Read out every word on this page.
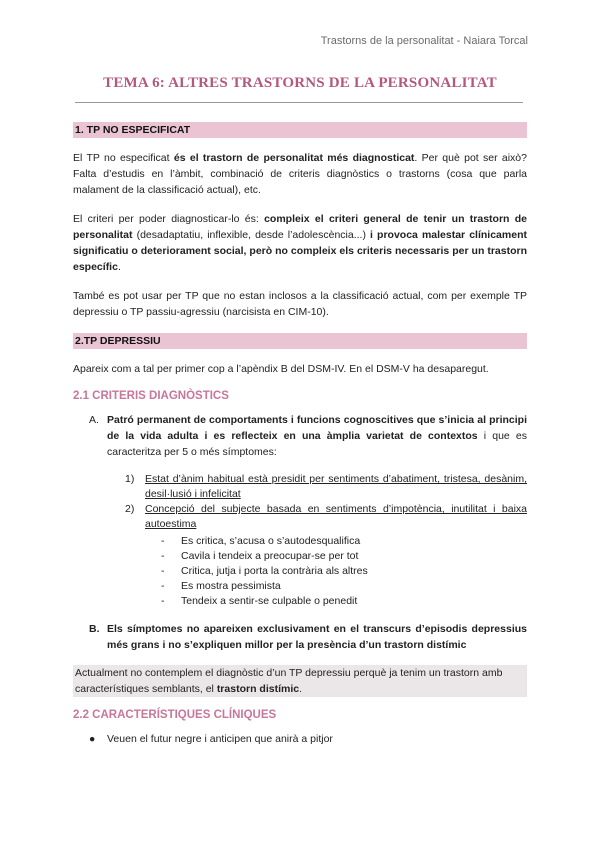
Trastorns de la personalitat - Naiara Torcal
TEMA 6: ALTRES TRASTORNS DE LA PERSONALITAT
1. TP NO ESPECIFICAT

El TP no especificat és el trastorn de personalitat més diagnosticat. Per què pot ser això? Falta d’estudis en l’àmbit, combinació de criteris diagnòstics o trastorns (cosa que parla malament de la classificació actual), etc.

El criteri per poder diagnosticar-lo és: compleix el criteri general de tenir un trastorn de personalitat (desadaptatiu, inflexible, desde l’adolescència...) i provoca malestar clínicament significatiu o deteriorament social, però no compleix els criteris necessaris per un trastorn específic.

També es pot usar per TP que no estan inclosos a la classificació actual, com per exemple TP depressiu o TP passiu-agressiu (narcisista en CIM-10).

2.TP DEPRESSIU

Apareix com a tal per primer cop a l’apèndix B del DSM-IV. En el DSM-V ha desaparegut.

2.1 CRITERIS DIAGNÒSTICS
A. Patró permanent de comportaments i funcions cognoscitives que s’inicia al principi de la vida adulta i es reflecteix en una àmplia varietat de contextos i que es caracteritza per 5 o més símptomes:
1)	Estat d’ànim habitual està presidit per sentiments d’abatiment, tristesa, desànim, desil·lusió i infelicitat
2)	Concepció del subjecte basada en sentiments d’impotència, inutilitat i baixa autoestima
-	Es critica, s’acusa o s’autodesqualifica
-	Cavila i tendeix a preocupar-se per tot
-	Critica, jutja i porta la contrària als altres
-	Es mostra pessimista
-	Tendeix a sentir-se culpable o penedit
B. Els símptomes no apareixen exclusivament en el transcurs d’episodis depressius més grans i no s’expliquen millor per la presència d’un trastorn distímic
Actualment no contemplem el diagnòstic d’un TP depressiu perquè ja tenim un trastorn amb característiques semblants, el trastorn distímic.
2.2 CARACTERÍSTIQUES CLÍNIQUES
●	Veuen el futur negre i anticipen que anirà a pitjor
